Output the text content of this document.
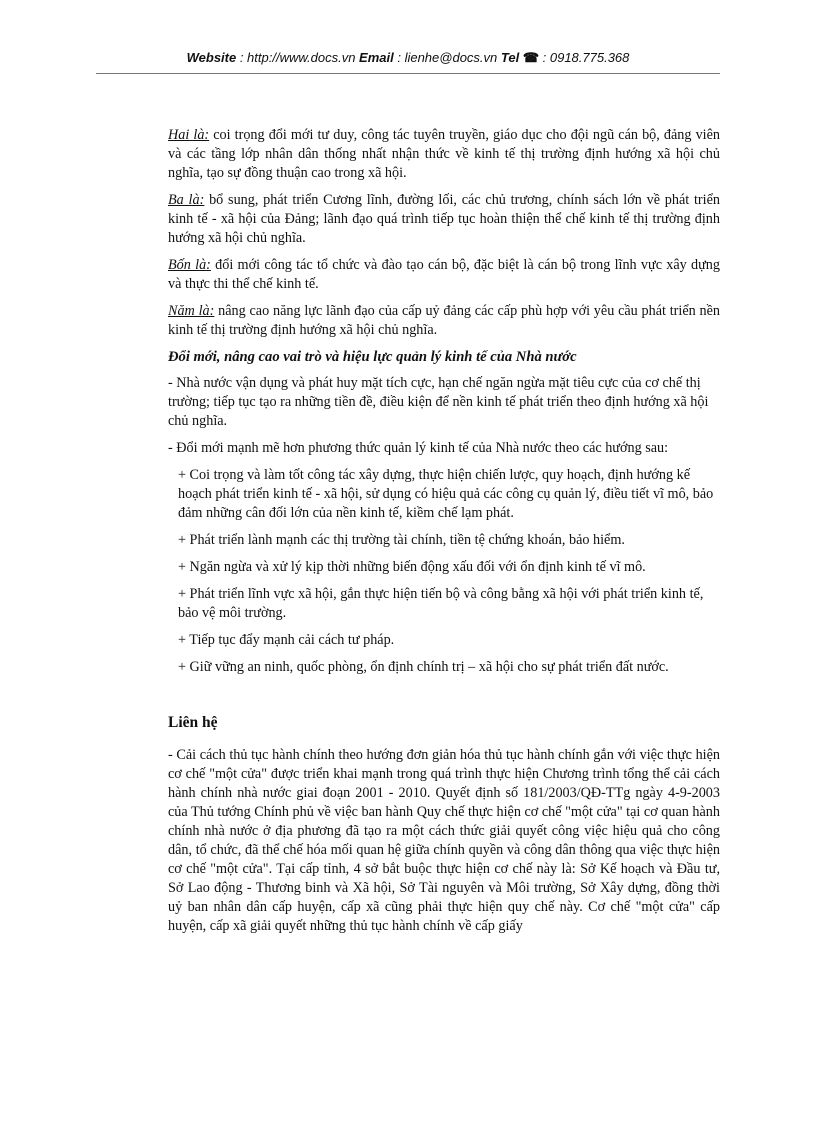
Website : http://www.docs.vn Email : lienhe@docs.vn Tel ☎ : 0918.775.368

Hai là: coi trọng đổi mới tư duy, công tác tuyên truyền, giáo dục cho đội ngũ cán bộ, đảng viên và các tầng lớp nhân dân thống nhất nhận thức về kinh tế thị trường định hướng xã hội chủ nghĩa, tạo sự đồng thuận cao trong xã hội.

Ba là: bổ sung, phát triển Cương lĩnh, đường lối, các chủ trương, chính sách lớn về phát triển kinh tế - xã hội của Đảng; lãnh đạo quá trình tiếp tục hoàn thiện thể chế kinh tế thị trường định hướng xã hội chủ nghĩa.

Bốn là: đổi mới công tác tổ chức và đào tạo cán bộ, đặc biệt là cán bộ trong lĩnh vực xây dựng và thực thi thể chế kinh tế.

Năm là: nâng cao năng lực lãnh đạo của cấp uỷ đảng các cấp phù hợp với yêu cầu phát triển nền kinh tế thị trường định hướng xã hội chủ nghĩa.

Đổi mới, nâng cao vai trò và hiệu lực quản lý kinh tế của Nhà nước

- Nhà nước vận dụng và phát huy mặt tích cực, hạn chế ngăn ngừa mặt tiêu cực của cơ chế thị trường; tiếp tục tạo ra những tiền đề, điều kiện để nền kinh tế phát triển theo định hướng xã hội chủ nghĩa.

- Đổi mới mạnh mẽ hơn phương thức quản lý kinh tế của Nhà nước theo các hướng sau:

+ Coi trọng và làm tốt công tác xây dựng, thực hiện chiến lược, quy hoạch, định hướng kế hoạch phát triển kinh tế - xã hội, sử dụng có hiệu quả các công cụ quản lý, điều tiết vĩ mô, bảo đảm những cân đối lớn của nền kinh tế, kiềm chế lạm phát.

+ Phát triển lành mạnh các thị trường tài chính, tiền tệ chứng khoán, bảo hiểm.

+ Ngăn ngừa và xử lý kịp thời những biến động xấu đối với ổn định kinh tế vĩ mô.

+ Phát triển lĩnh vực xã hội, gắn thực hiện tiến bộ và công bằng xã hội với phát triển kinh tế, bảo vệ môi trường.

+ Tiếp tục đẩy mạnh cải cách tư pháp.

+ Giữ vững an ninh, quốc phòng, ổn định chính trị – xã hội cho sự phát triển đất nước.

Liên hệ

- Cải cách thủ tục hành chính theo hướng đơn giản hóa thủ tục hành chính gắn với việc thực hiện cơ chế "một cửa" được triển khai mạnh trong quá trình thực hiện Chương trình tổng thể cải cách hành chính nhà nước giai đoạn 2001 - 2010. Quyết định số 181/2003/QĐ-TTg ngày 4-9-2003 của Thủ tướng Chính phủ về việc ban hành Quy chế thực hiện cơ chế "một cửa" tại cơ quan hành chính nhà nước ở địa phương đã tạo ra một cách thức giải quyết công việc hiệu quả cho công dân, tổ chức, đã thể chế hóa mối quan hệ giữa chính quyền và công dân thông qua việc thực hiện cơ chế "một cửa". Tại cấp tỉnh, 4 sở bắt buộc thực hiện cơ chế này là: Sở Kế hoạch và Đầu tư, Sở Lao động - Thương binh và Xã hội, Sở Tài nguyên và Môi trường, Sở Xây dựng, đồng thời uỷ ban nhân dân cấp huyện, cấp xã cũng phải thực hiện quy chế này. Cơ chế "một cửa" cấp huyện, cấp xã giải quyết những thủ tục hành chính về cấp giấy
